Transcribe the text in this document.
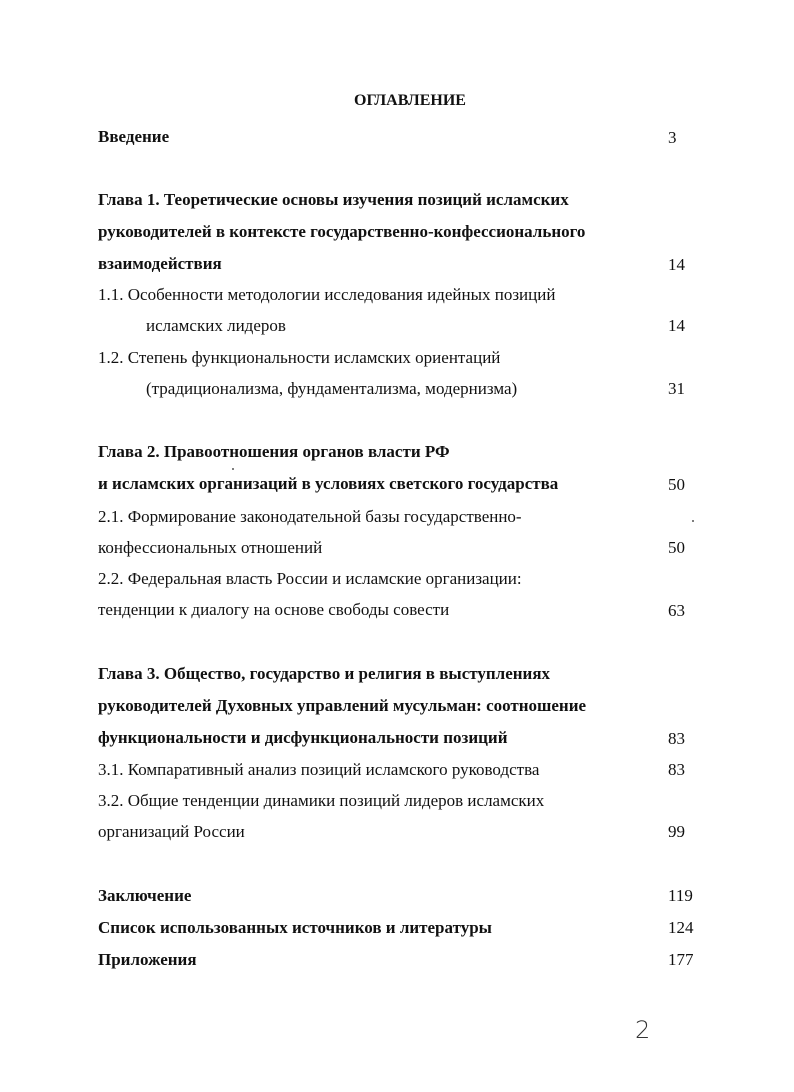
ОГЛАВЛЕНИЕ
Введение	3
Глава 1. Теоретические основы изучения позиций исламских
руководителей в контексте государственно-конфессионального
взаимодействия	14
1.1. Особенности методологии исследования идейных позиций
исламских лидеров	14
1.2. Степень функциональности исламских ориентаций
(традиционализма, фундаментализма, модернизма)	31
Глава 2. Правоотношения органов власти РФ
и исламских организаций в условиях светского государства	50
2.1. Формирование законодательной базы государственно-
конфессиональных отношений	50
2.2. Федеральная власть России и исламские организации:
тенденции к диалогу на основе свободы совести	63
Глава 3. Общество, государство и религия в выступлениях
руководителей Духовных управлений мусульман: соотношение
функциональности и дисфункциональности позиций	83
3.1. Компаративный анализ позиций исламского руководства	83
3.2. Общие тенденции динамики позиций лидеров исламских
организаций России	99
Заключение	119
Список использованных источников и литературы	124
Приложения	177
2
